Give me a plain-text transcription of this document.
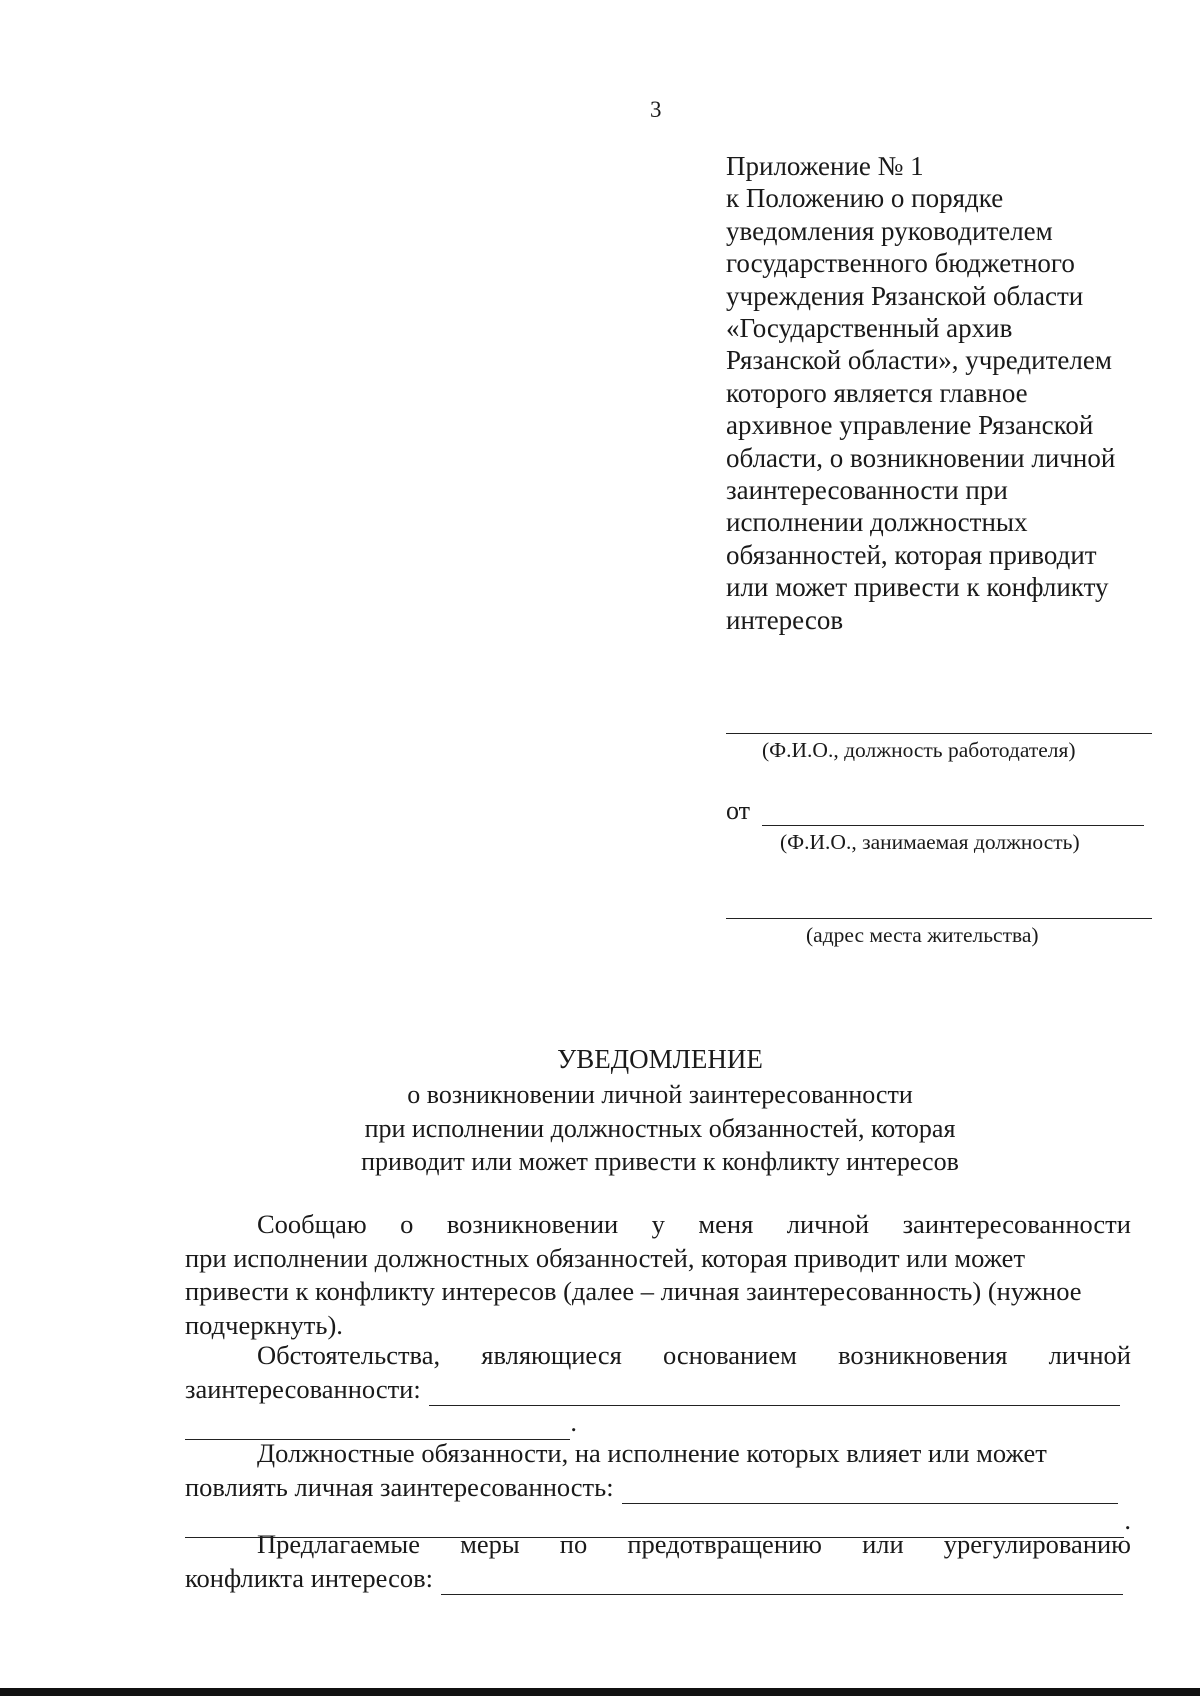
3
Приложение № 1
к Положению о порядке
уведомления руководителем
государственного бюджетного
учреждения Рязанской области
«Государственный архив
Рязанской области», учредителем
которого является главное
архивное управление Рязанской
области, о возникновении личной
заинтересованности при
исполнении должностных
обязанностей, которая приводит
или может привести к конфликту
интересов
(Ф.И.О., должность работодателя)
от
(Ф.И.О., занимаемая должность)
(адрес места жительства)
УВЕДОМЛЕНИЕ
о возникновении личной заинтересованности
при исполнении должностных обязанностей, которая
приводит или может привести к конфликту интересов
Сообщаю о возникновении у меня личной заинтересованности
при исполнении должностных обязанностей, которая приводит или может
привести к конфликту интересов (далее – личная заинтересованность) (нужное
подчеркнуть).
Обстоятельства, являющиеся основанием возникновения личной
заинтересованности:
.
Должностные обязанности, на исполнение которых влияет или может
повлиять личная заинтересованность:
.
Предлагаемые меры по предотвращению или урегулированию
конфликта интересов:
